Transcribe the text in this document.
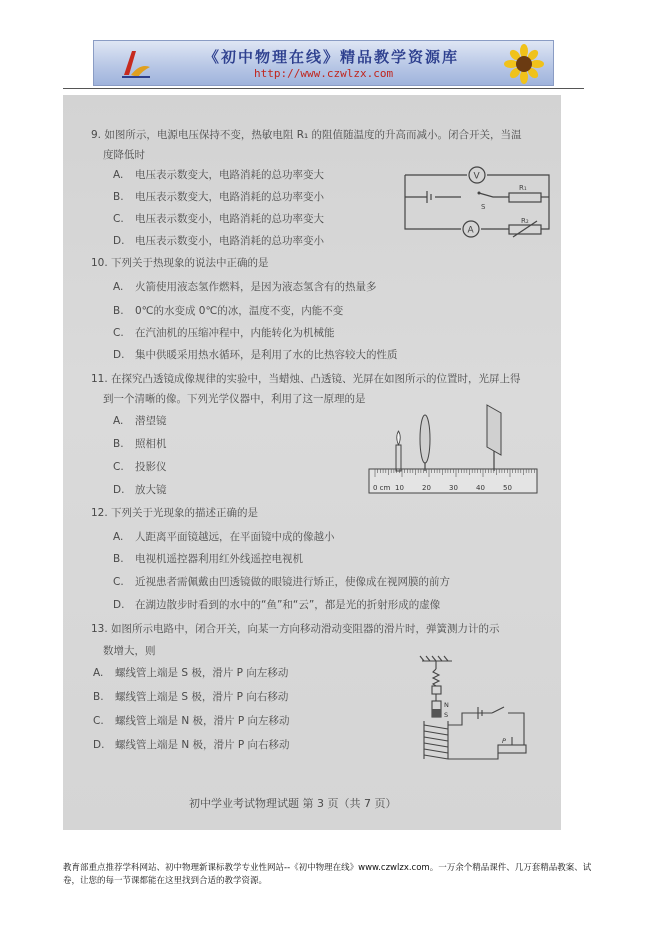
《初中物理在线》精品教学资源库
http://www.czwlzx.com
9. 如图所示，电源电压保持不变，热敏电阻 R₁ 的阻值随温度的升高而减小。闭合开关，当温
度降低时
A. 电压表示数变大，电路消耗的总功率变大
B. 电压表示数变大，电路消耗的总功率变小
C. 电压表示数变小，电路消耗的总功率变大
D. 电压表示数变小，电路消耗的总功率变小
V
A
S
R₁
R₂
10. 下列关于热现象的说法中正确的是
A. 火箭使用液态氢作燃料，是因为液态氢含有的热量多
B. 0℃的水变成 0℃的冰，温度不变，内能不变
C. 在汽油机的压缩冲程中，内能转化为机械能
D. 集中供暖采用热水循环，是利用了水的比热容较大的性质
11. 在探究凸透镜成像规律的实验中，当蜡烛、凸透镜、光屏在如图所示的位置时，光屏上得
到一个清晰的像。下列光学仪器中，利用了这一原理的是
A. 潜望镜
B. 照相机
C. 投影仪
D. 放大镜	0 cm 10	20	30	40	50
12. 下列关于光现象的描述正确的是
A. 人距离平面镜越远，在平面镜中成的像越小
B. 电视机遥控器利用红外线遥控电视机
C. 近视患者需佩戴由凹透镜做的眼镜进行矫正，使像成在视网膜的前方
D. 在湖边散步时看到的水中的“鱼”和“云”，都是光的折射形成的虚像
13. 如图所示电路中，闭合开关，向某一方向移动滑动变阻器的滑片时，弹簧测力计的示
数增大，则
A. 螺线管上端是 S 极，滑片 P 向左移动
B. 螺线管上端是 S 极，滑片 P 向右移动
C. 螺线管上端是 N 极，滑片 P 向左移动
D. 螺线管上端是 N 极，滑片 P 向右移动
N
S
P
初中学业考试物理试题 第 3 页（共 7 页）
教育部重点推荐学科网站、初中物理新课标教学专业性网站--《初中物理在线》www.czwlzx.com。一万余个精品课件、几万套精品教案、试卷，让您的每一节课都能在这里找到合适的教学资源。
